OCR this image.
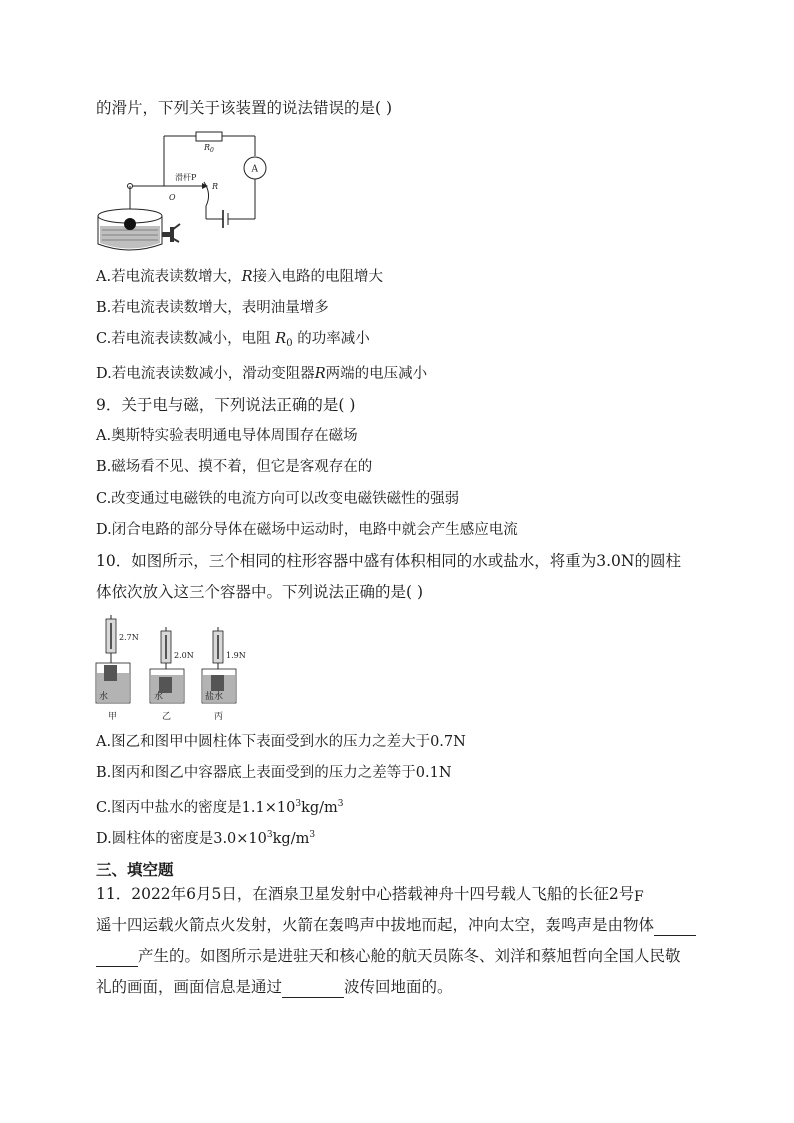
的滑片，下列关于该装置的说法错误的是( )
$R_0$
A
滑杆P
R
O
A.若电流表读数增大，R接入电路的电阻增大
B.若电流表读数增大，表明油量增多
C.若电流表读数减小，电阻 $R_0$ 的功率减小
D.若电流表读数减小，滑动变阻器R两端的电压减小
9．关于电与磁，下列说法正确的是( )
A.奥斯特实验表明通电导体周围存在磁场
B.磁场看不见、摸不着，但它是客观存在的
C.改变通过电磁铁的电流方向可以改变电磁铁磁性的强弱
D.闭合电路的部分导体在磁场中运动时，电路中就会产生感应电流
10．如图所示，三个相同的柱形容器中盛有体积相同的水或盐水，将重为3.0N的圆柱
体依次放入这三个容器中。下列说法正确的是( )
2.7N
水
甲
2.0N
水
乙
1.9N
盐水
丙
A.图乙和图甲中圆柱体下表面受到水的压力之差大于0.7N
B.图丙和图乙中容器底上表面受到的压力之差等于0.1N
C.图丙中盐水的密度是$1.1\times 10^3kg/m^3$
D.圆柱体的密度是$3.0\times 10^3kg/m^3$
三、填空题
11．2022年6月5日，在酒泉卫星发射中心搭载神舟十四号载人飞船的长征2号 F
遥十四运载火箭点火发射，火箭在轰鸣声中拔地而起，冲向太空，轰鸣声是由物体
产生的。如图所示是进驻天和核心舱的航天员陈冬、刘洋和蔡旭哲向全国人民敬
礼的画面，画面信息是通过	波传回地面的。
